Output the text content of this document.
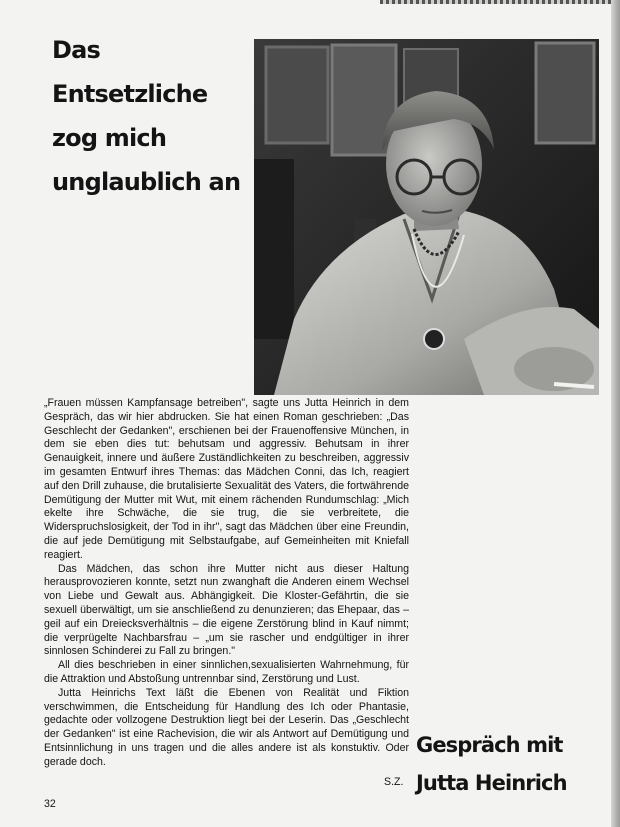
Das Entsetzliche
zog mich
unglaublich an

„Frauen müssen Kampfansage betreiben", sagte uns Jutta Heinrich in dem Gespräch, das wir hier abdrucken. Sie hat einen Roman geschrieben: „Das Geschlecht der Gedanken", erschienen bei der Frauenoffensive München, in dem sie eben dies tut: behutsam und aggressiv. Behutsam in ihrer Genauigkeit, innere und äußere Zuständlichkeiten zu beschreiben, aggressiv im gesamten Entwurf ihres Themas: das Mädchen Conni, das Ich, reagiert auf den Drill zuhause, die brutalisierte Sexualität des Vaters, die fortwährende Demütigung der Mutter mit Wut, mit einem rächenden Rundumschlag: „Mich ekelte ihre Schwäche, die sie trug, die sie verbreitete, die Widerspruchslosigkeit, der Tod in ihr", sagt das Mädchen über eine Freundin, die auf jede Demütigung mit Selbstaufgabe, auf Gemeinheiten mit Kniefall reagiert.

Das Mädchen, das schon ihre Mutter nicht aus dieser Haltung herausprovozieren konnte, setzt nun zwanghaft die Anderen einem Wechsel von Liebe und Gewalt aus. Abhängigkeit. Die Kloster-Gefährtin, die sie sexuell überwältigt, um sie anschließend zu denunzieren; das Ehepaar, das – geil auf ein Dreiecksverhältnis – die eigene Zerstörung blind in Kauf nimmt; die verprügelte Nachbarsfrau – „um sie rascher und endgültiger in ihrer sinnlosen Schinderei zu Fall zu bringen."

All dies beschrieben in einer sinnlichen,sexualisierten Wahrnehmung, für die Attraktion und Abstoßung untrennbar sind, Zerstörung und Lust.

Jutta Heinrichs Text läßt die Ebenen von Realität und Fiktion verschwimmen, die Entscheidung für Handlung des Ich oder Phantasie, gedachte oder vollzogene Destruktion liegt bei der Leserin. Das „Geschlecht der Gedanken" ist eine Rachevision, die wir als Antwort auf Demütigung und Entsinnlichung in uns tragen und die alles andere ist als konstuktiv. Oder gerade doch.

S.Z.
Gespräch mit
Jutta Heinrich
32
